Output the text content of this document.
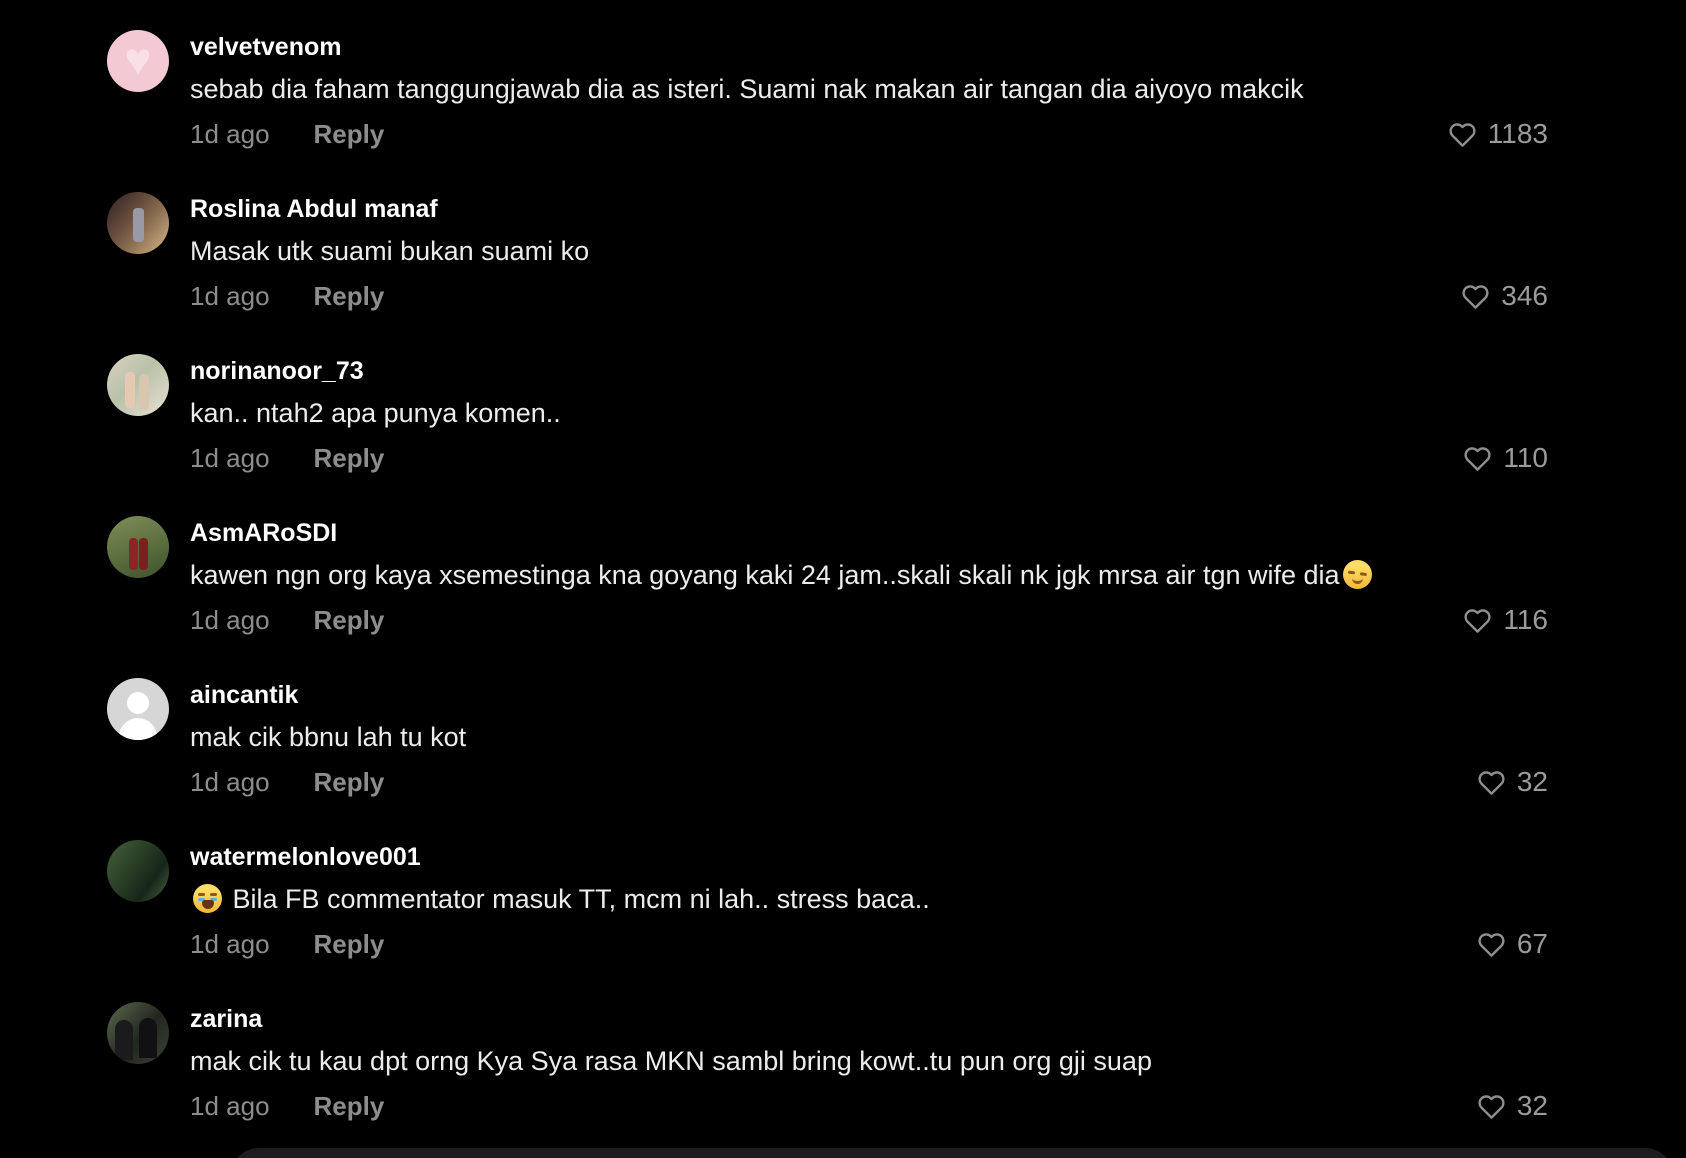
♥
velvetvenom
sebab dia faham tanggungjawab dia as isteri. Suami nak makan air tangan dia aiyoyo makcik
1d ago Reply	1183
Roslina Abdul manaf
Masak utk suami bukan suami ko
1d ago Reply	346
norinanoor_73
kan.. ntah2 apa punya komen..
1d ago Reply	110
AsmARoSDI
kawen ngn org kaya xsemestinga kna goyang kaki 24 jam..skali skali nk jgk mrsa air tgn wife dia
1d ago Reply	116
aincantik
mak cik bbnu lah tu kot
1d ago Reply	32
watermelonlove001
Bila FB commentator masuk TT, mcm ni lah.. stress baca..
1d ago Reply	67
zarina
mak cik tu kau dpt orng Kya Sya rasa MKN sambl bring kowt..tu pun org gji suap
1d ago Reply	32
